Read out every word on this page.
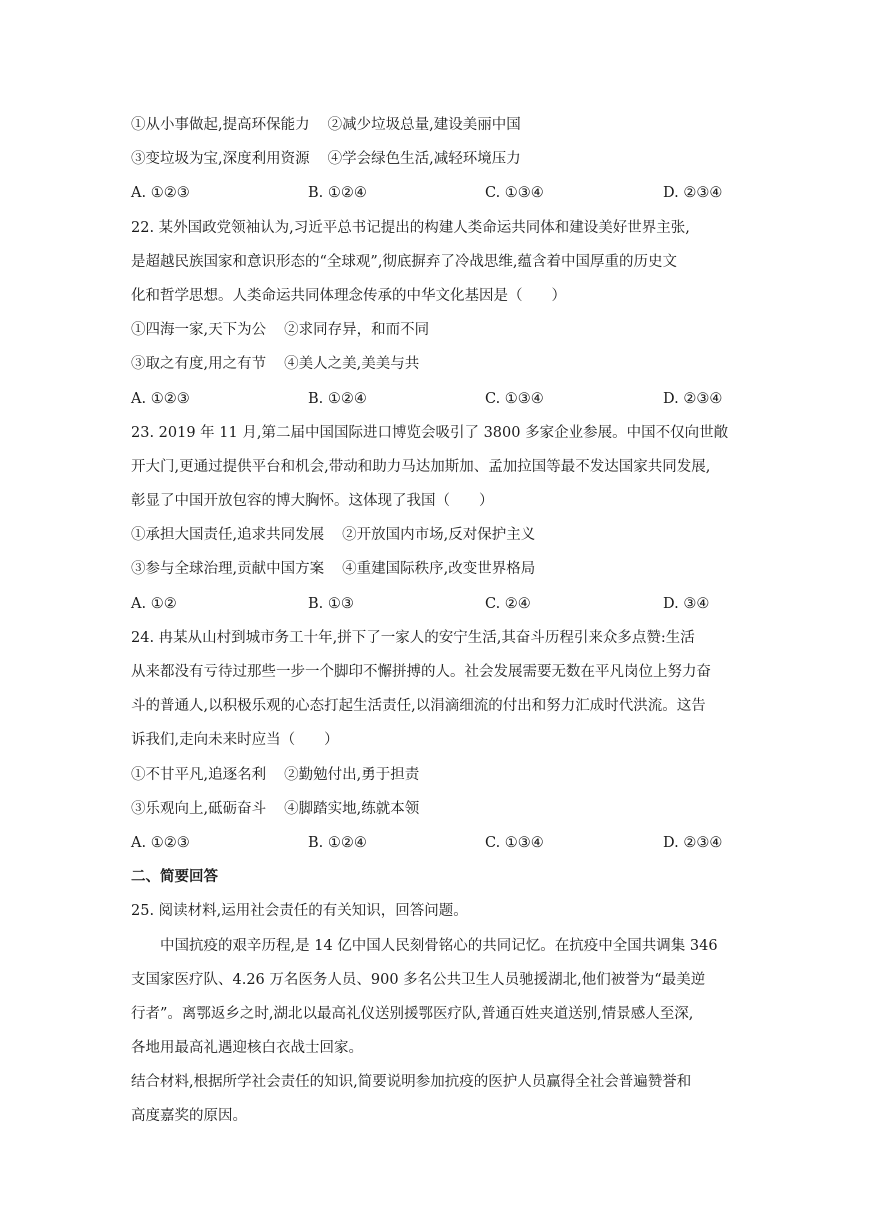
①从小事做起,提高环保能力 ②减少垃圾总量,建设美丽中国
③变垃圾为宝,深度利用资源 ④学会绿色生活,减轻环境压力
A. ①②③	B. ①②④	C. ①③④	D. ②③④
22. 某外国政党领袖认为,习近平总书记提出的构建人类命运共同体和建设美好世界主张,
是超越民族国家和意识形态的“全球观”,彻底摒弃了冷战思维,蕴含着中国厚重的历史文
化和哲学思想。人类命运共同体理念传承的中华文化基因是（　　）
①四海一家,天下为公 ②求同存异，和而不同
③取之有度,用之有节 ④美人之美,美美与共
A. ①②③	B. ①②④	C. ①③④	D. ②③④
23. 2019 年 11 月,第二届中国国际进口博览会吸引了 3800 多家企业参展。中国不仅向世敞
开大门,更通过提供平台和机会,带动和助力马达加斯加、孟加拉国等最不发达国家共同发展,
彰显了中国开放包容的博大胸怀。这体现了我国（　　）
①承担大国责任,追求共同发展 ②开放国内市场,反对保护主义
③参与全球治理,贡献中国方案 ④重建国际秩序,改变世界格局
A. ①②	B. ①③	C. ②④	D. ③④
24. 冉某从山村到城市务工十年,拼下了一家人的安宁生活,其奋斗历程引来众多点赞:生活
从来都没有亏待过那些一步一个脚印不懈拼搏的人。社会发展需要无数在平凡岗位上努力奋
斗的普通人,以积极乐观的心态打起生活责任,以涓滴细流的付出和努力汇成时代洪流。这告
诉我们,走向未来时应当（　　）
①不甘平凡,追逐名利 ②勤勉付出,勇于担责
③乐观向上,砥砺奋斗 ④脚踏实地,练就本领
A. ①②③	B. ①②④	C. ①③④	D. ②③④
二、简要回答
25. 阅读材料,运用社会责任的有关知识，回答问题。
中国抗疫的艰辛历程,是 14 亿中国人民刻骨铭心的共同记忆。在抗疫中全国共调集 346
支国家医疗队、4.26 万名医务人员、900 多名公共卫生人员驰援湖北,他们被誉为“最美逆
行者”。离鄂返乡之时,湖北以最高礼仪送别援鄂医疗队,普通百姓夹道送别,情景感人至深,
各地用最高礼遇迎核白衣战士回家。
结合材料,根据所学社会责任的知识,简要说明参加抗疫的医护人员赢得全社会普遍赞誉和
高度嘉奖的原因。
